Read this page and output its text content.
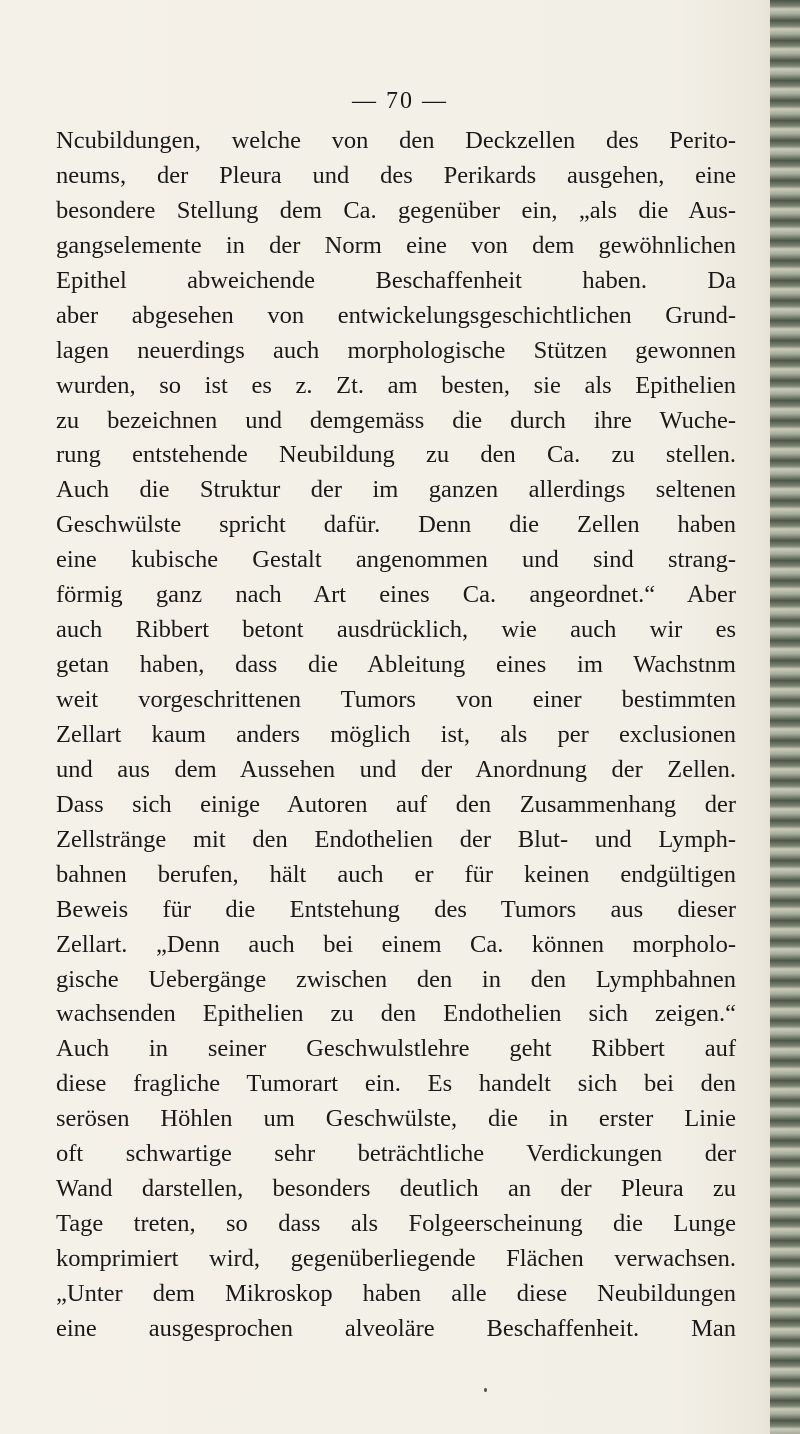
— 70 —
Ncubildungen, welche von den Deckzellen des Perito-
neums, der Pleura und des Perikards ausgehen, eine
besondere Stellung dem Ca. gegenüber ein, „als die Aus-
gangselemente in der Norm eine von dem gewöhnlichen
Epithel abweichende Beschaffenheit haben. Da
aber abgesehen von entwickelungsgeschichtlichen Grund-
lagen neuerdings auch morphologische Stützen gewonnen
wurden, so ist es z. Zt. am besten, sie als Epithelien
zu bezeichnen und demgemäss die durch ihre Wuche-
rung entstehende Neubildung zu den Ca. zu stellen.
Auch die Struktur der im ganzen allerdings seltenen
Geschwülste spricht dafür. Denn die Zellen haben
eine kubische Gestalt angenommen und sind strang-
förmig ganz nach Art eines Ca. angeordnet.“ Aber
auch Ribbert betont ausdrücklich, wie auch wir es
getan haben, dass die Ableitung eines im Wachstnm
weit vorgeschrittenen Tumors von einer bestimmten
Zellart kaum anders möglich ist, als per exclusionen
und aus dem Aussehen und der Anordnung der Zellen.
Dass sich einige Autoren auf den Zusammenhang der
Zellstränge mit den Endothelien der Blut- und Lymph-
bahnen berufen, hält auch er für keinen endgültigen
Beweis für die Entstehung des Tumors aus dieser
Zellart. „Denn auch bei einem Ca. können morpholo-
gische Uebergänge zwischen den in den Lymphbahnen
wachsenden Epithelien zu den Endothelien sich zeigen.“
Auch in seiner Geschwulstlehre geht Ribbert auf
diese fragliche Tumorart ein. Es handelt sich bei den
serösen Höhlen um Geschwülste, die in erster Linie
oft schwartige sehr beträchtliche Verdickungen der
Wand darstellen, besonders deutlich an der Pleura zu
Tage treten, so dass als Folgeerscheinung die Lunge
komprimiert wird, gegenüberliegende Flächen verwachsen.
„Unter dem Mikroskop haben alle diese Neubildungen
eine ausgesprochen alveoläre Beschaffenheit. Man
